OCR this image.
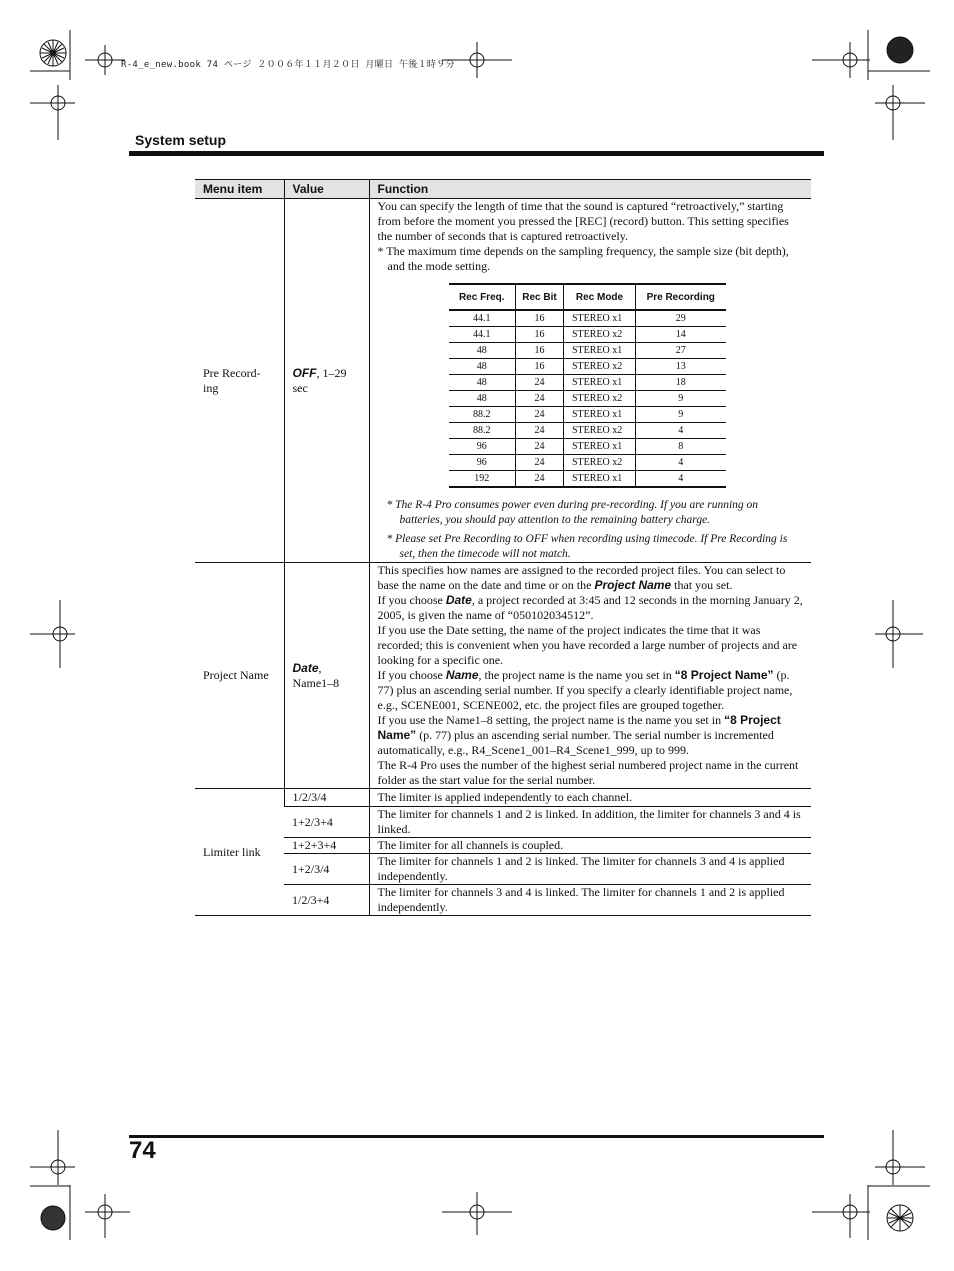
R-4_e_new.book 74 ページ ２００６年１１月２０日 月曜日 午後１時９分
System setup
Menu item	Value	Function
Pre Record-ing	OFF, 1–29 sec	

You can specify the length of time that the sound is captured “retroactively,” starting from before the moment you pressed the [REC] (record) button. This setting specifies the number of seconds that is captured retroactively.

* The maximum time depends on the sampling frequency, the sample size (bit depth), and the mode setting.

Rec Freq.	Rec Bit	Rec Mode	Pre Recording
44.1	16	STEREO x1	29
44.1	16	STEREO x2	14
48	16	STEREO x1	27
48	16	STEREO x2	13
48	24	STEREO x1	18
48	24	STEREO x2	9
88.2	24	STEREO x1	9
88.2	24	STEREO x2	4
96	24	STEREO x1	8
96	24	STEREO x2	4
192	24	STEREO x1	4

* The R-4 Pro consumes power even during pre-recording. If you are running on batteries, you should pay attention to the remaining battery charge.

* Please set Pre Recording to OFF when recording using timecode. If Pre Recording is set, then the timecode will not match.

Project Name	Date, Name1–8	

This specifies how names are assigned to the recorded project files. You can select to base the name on the date and time or on the Project Name that you set.

If you choose Date, a project recorded at 3:45 and 12 seconds in the morning January 2, 2005, is given the name of “050102034512”.

If you use the Date setting, the name of the project indicates the time that it was recorded; this is convenient when you have recorded a large number of projects and are looking for a specific one.

If you choose Name, the project name is the name you set in “8 Project Name” (p. 77) plus an ascending serial number. If you specify a clearly identifiable project name, e.g., SCENE001, SCENE002, etc. the project files are grouped together.

If you use the Name1–8 setting, the project name is the name you set in “8 Project Name” (p. 77) plus an ascending serial number. The serial number is incremented automatically, e.g., R4_Scene1_001–R4_Scene1_999, up to 999.

The R-4 Pro uses the number of the highest serial numbered project name in the current folder as the start value for the serial number.

Limiter link	1/2/3/4	The limiter is applied independently to each channel.
1+2/3+4	The limiter for channels 1 and 2 is linked. In addition, the limiter for channels 3 and 4 is linked.
1+2+3+4	The limiter for all channels is coupled.
1+2/3/4	The limiter for channels 1 and 2 is linked. The limiter for channels 3 and 4 is applied independently.
1/2/3+4	The limiter for channels 3 and 4 is linked. The limiter for channels 1 and 2 is applied independently.
74
